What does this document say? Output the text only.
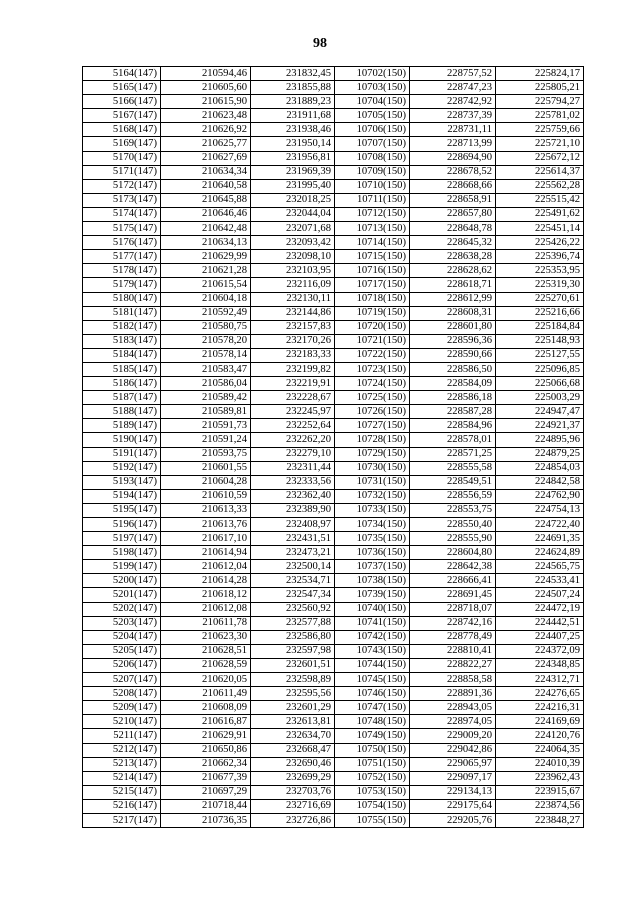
98
5164(147)	210594,46	231832,45	10702(150)	228757,52	225824,17
5165(147)	210605,60	231855,88	10703(150)	228747,23	225805,21
5166(147)	210615,90	231889,23	10704(150)	228742,92	225794,27
5167(147)	210623,48	231911,68	10705(150)	228737,39	225781,02
5168(147)	210626,92	231938,46	10706(150)	228731,11	225759,66
5169(147)	210625,77	231950,14	10707(150)	228713,99	225721,10
5170(147)	210627,69	231956,81	10708(150)	228694,90	225672,12
5171(147)	210634,34	231969,39	10709(150)	228678,52	225614,37
5172(147)	210640,58	231995,40	10710(150)	228668,66	225562,28
5173(147)	210645,88	232018,25	10711(150)	228658,91	225515,42
5174(147)	210646,46	232044,04	10712(150)	228657,80	225491,62
5175(147)	210642,48	232071,68	10713(150)	228648,78	225451,14
5176(147)	210634,13	232093,42	10714(150)	228645,32	225426,22
5177(147)	210629,99	232098,10	10715(150)	228638,28	225396,74
5178(147)	210621,28	232103,95	10716(150)	228628,62	225353,95
5179(147)	210615,54	232116,09	10717(150)	228618,71	225319,30
5180(147)	210604,18	232130,11	10718(150)	228612,99	225270,61
5181(147)	210592,49	232144,86	10719(150)	228608,31	225216,66
5182(147)	210580,75	232157,83	10720(150)	228601,80	225184,84
5183(147)	210578,20	232170,26	10721(150)	228596,36	225148,93
5184(147)	210578,14	232183,33	10722(150)	228590,66	225127,55
5185(147)	210583,47	232199,82	10723(150)	228586,50	225096,85
5186(147)	210586,04	232219,91	10724(150)	228584,09	225066,68
5187(147)	210589,42	232228,67	10725(150)	228586,18	225003,29
5188(147)	210589,81	232245,97	10726(150)	228587,28	224947,47
5189(147)	210591,73	232252,64	10727(150)	228584,96	224921,37
5190(147)	210591,24	232262,20	10728(150)	228578,01	224895,96
5191(147)	210593,75	232279,10	10729(150)	228571,25	224879,25
5192(147)	210601,55	232311,44	10730(150)	228555,58	224854,03
5193(147)	210604,28	232333,56	10731(150)	228549,51	224842,58
5194(147)	210610,59	232362,40	10732(150)	228556,59	224762,90
5195(147)	210613,33	232389,90	10733(150)	228553,75	224754,13
5196(147)	210613,76	232408,97	10734(150)	228550,40	224722,40
5197(147)	210617,10	232431,51	10735(150)	228555,90	224691,35
5198(147)	210614,94	232473,21	10736(150)	228604,80	224624,89
5199(147)	210612,04	232500,14	10737(150)	228642,38	224565,75
5200(147)	210614,28	232534,71	10738(150)	228666,41	224533,41
5201(147)	210618,12	232547,34	10739(150)	228691,45	224507,24
5202(147)	210612,08	232560,92	10740(150)	228718,07	224472,19
5203(147)	210611,78	232577,88	10741(150)	228742,16	224442,51
5204(147)	210623,30	232586,80	10742(150)	228778,49	224407,25
5205(147)	210628,51	232597,98	10743(150)	228810,41	224372,09
5206(147)	210628,59	232601,51	10744(150)	228822,27	224348,85
5207(147)	210620,05	232598,89	10745(150)	228858,58	224312,71
5208(147)	210611,49	232595,56	10746(150)	228891,36	224276,65
5209(147)	210608,09	232601,29	10747(150)	228943,05	224216,31
5210(147)	210616,87	232613,81	10748(150)	228974,05	224169,69
5211(147)	210629,91	232634,70	10749(150)	229009,20	224120,76
5212(147)	210650,86	232668,47	10750(150)	229042,86	224064,35
5213(147)	210662,34	232690,46	10751(150)	229065,97	224010,39
5214(147)	210677,39	232699,29	10752(150)	229097,17	223962,43
5215(147)	210697,29	232703,76	10753(150)	229134,13	223915,67
5216(147)	210718,44	232716,69	10754(150)	229175,64	223874,56
5217(147)	210736,35	232726,86	10755(150)	229205,76	223848,27
